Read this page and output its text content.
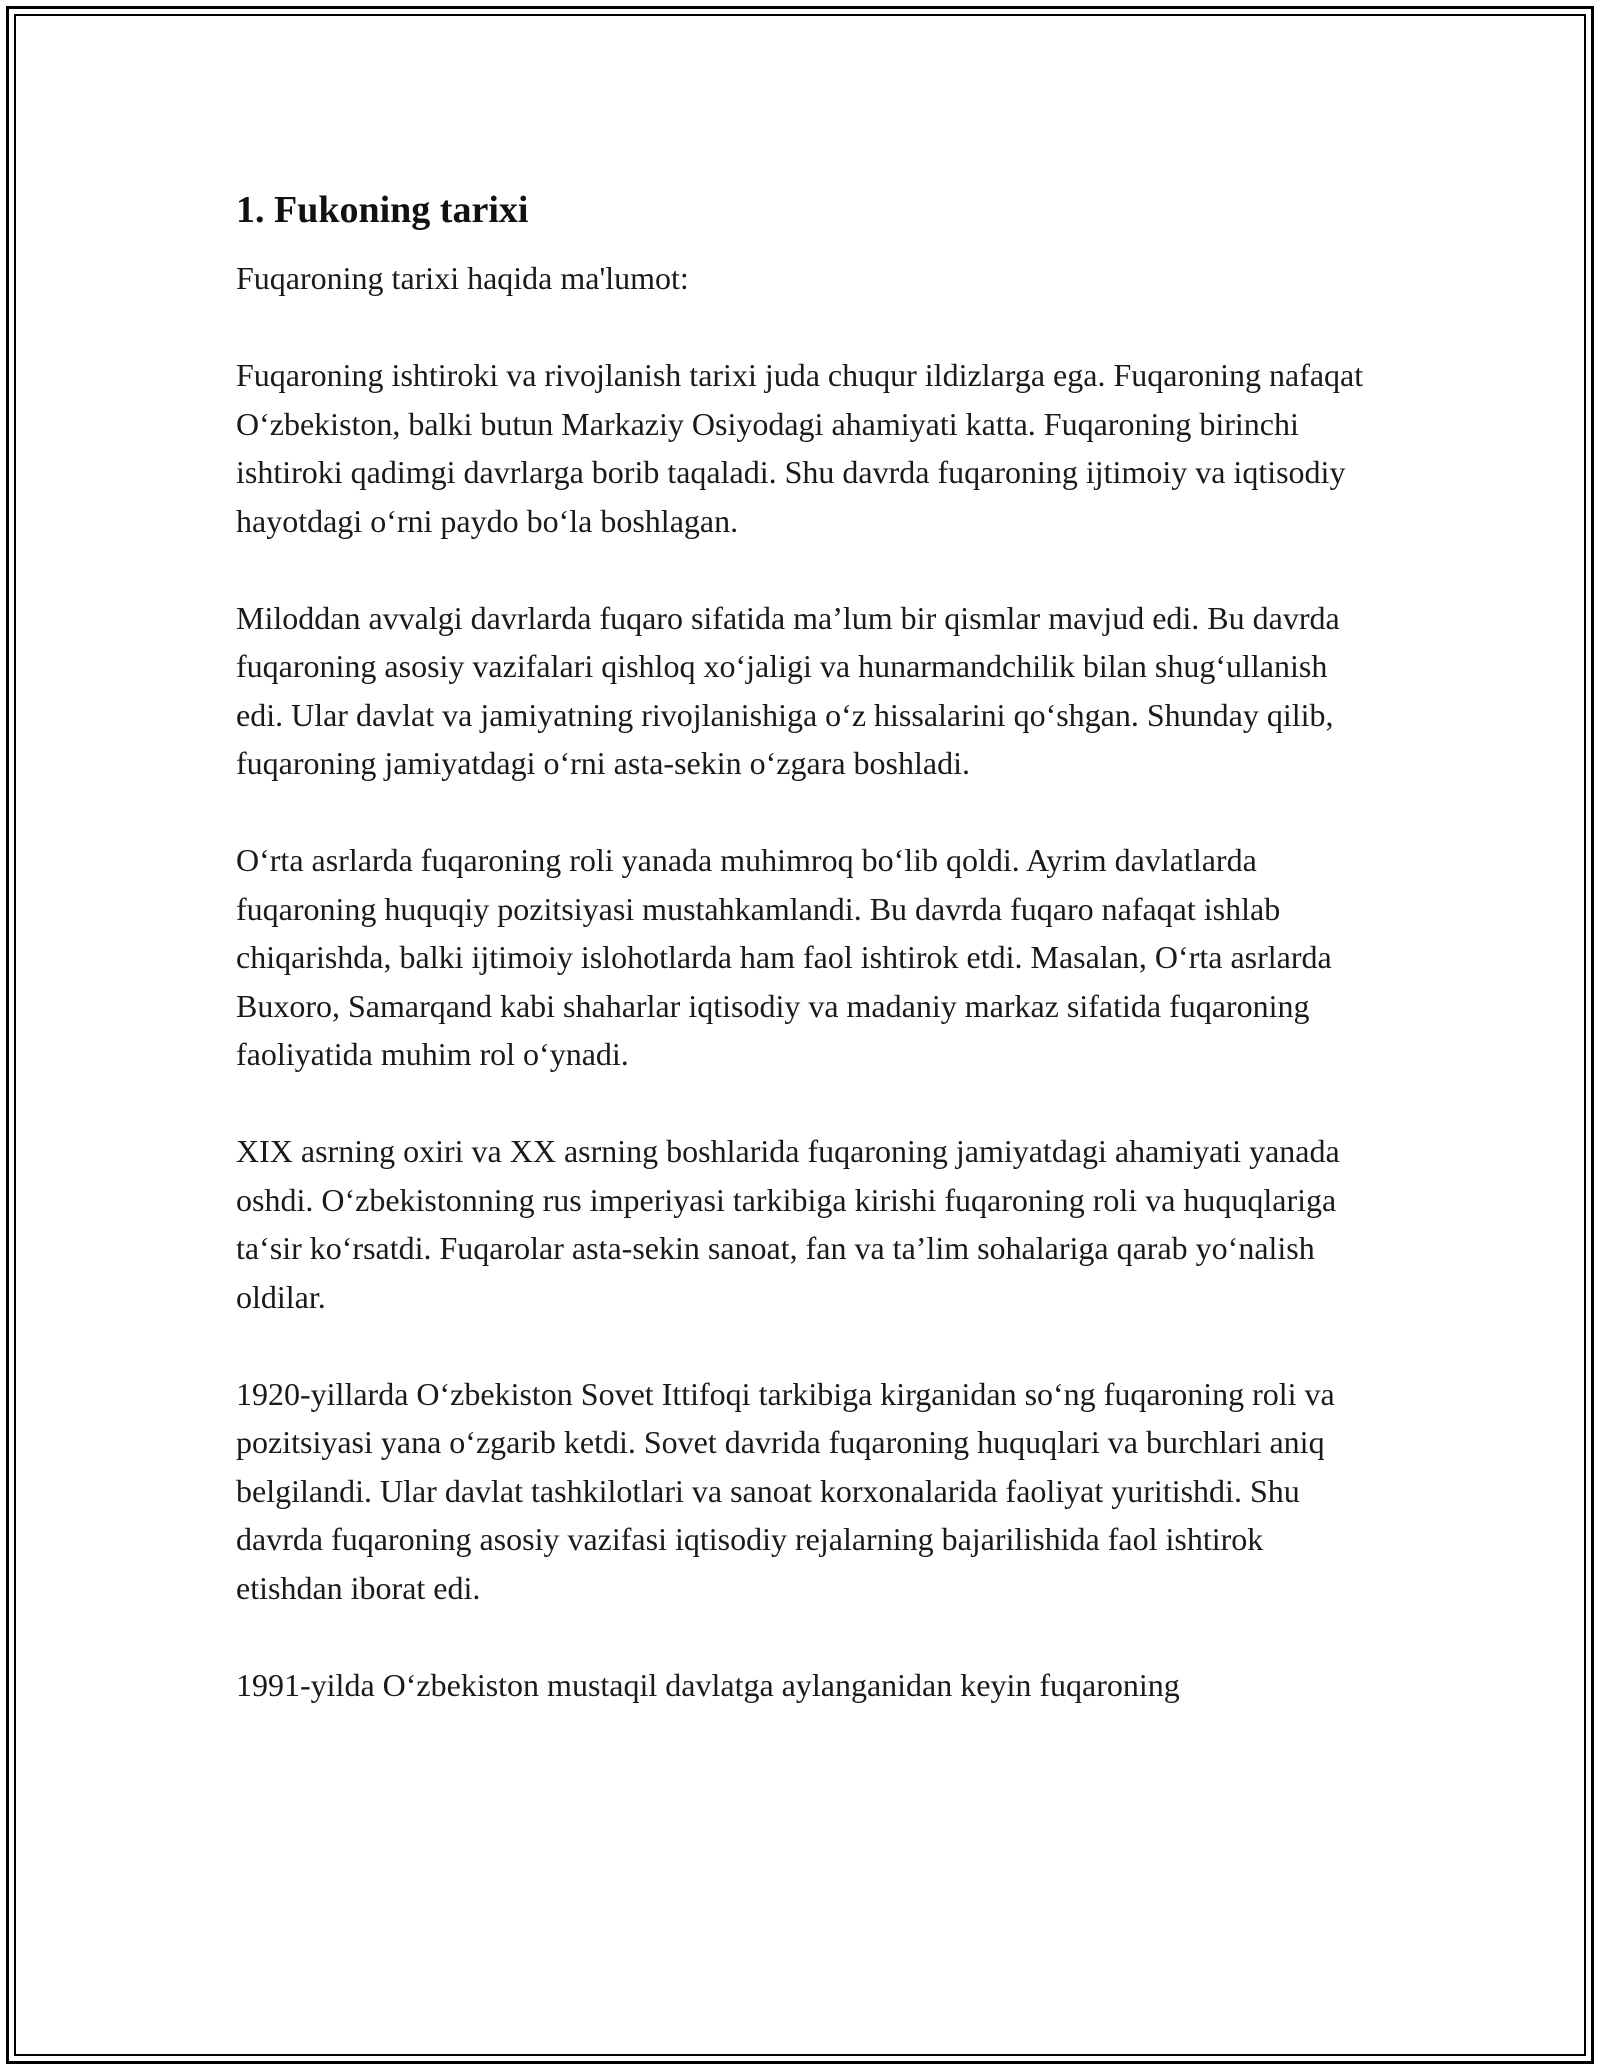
1. Fukoning tarixi

Fuqaroning tarixi haqida ma'lumot:

Fuqaroning ishtiroki va rivojlanish tarixi juda chuqur ildizlarga ega. Fuqaroning nafaqat O‘zbekiston, balki butun Markaziy Osiyodagi ahamiyati katta. Fuqaroning birinchi ishtiroki qadimgi davrlarga borib taqaladi. Shu davrda fuqaroning ijtimoiy va iqtisodiy hayotdagi o‘rni paydo bo‘la boshlagan.

Miloddan avvalgi davrlarda fuqaro sifatida ma’lum bir qismlar mavjud edi. Bu davrda fuqaroning asosiy vazifalari qishloq xo‘jaligi va hunarmandchilik bilan shug‘ullanish edi. Ular davlat va jamiyatning rivojlanishiga o‘z hissalarini qo‘shgan. Shunday qilib, fuqaroning jamiyatdagi o‘rni asta-sekin o‘zgara boshladi.

O‘rta asrlarda fuqaroning roli yanada muhimroq bo‘lib qoldi. Ayrim davlatlarda fuqaroning huquqiy pozitsiyasi mustahkamlandi. Bu davrda fuqaro nafaqat ishlab chiqarishda, balki ijtimoiy islohotlarda ham faol ishtirok etdi. Masalan, O‘rta asrlarda Buxoro, Samarqand kabi shaharlar iqtisodiy va madaniy markaz sifatida fuqaroning faoliyatida muhim rol o‘ynadi.

XIX asrning oxiri va XX asrning boshlarida fuqaroning jamiyatdagi ahamiyati yanada oshdi. O‘zbekistonning rus imperiyasi tarkibiga kirishi fuqaroning roli va huquqlariga ta‘sir ko‘rsatdi. Fuqarolar asta-sekin sanoat, fan va ta’lim sohalariga qarab yo‘nalish oldilar.

1920-yillarda O‘zbekiston Sovet Ittifoqi tarkibiga kirganidan so‘ng fuqaroning roli va pozitsiyasi yana o‘zgarib ketdi. Sovet davrida fuqaroning huquqlari va burchlari aniq belgilandi. Ular davlat tashkilotlari va sanoat korxonalarida faoliyat yuritishdi. Shu davrda fuqaroning asosiy vazifasi iqtisodiy rejalarning bajarilishida faol ishtirok etishdan iborat edi.

1991-yilda O‘zbekiston mustaqil davlatga aylanganidan keyin fuqaroning
